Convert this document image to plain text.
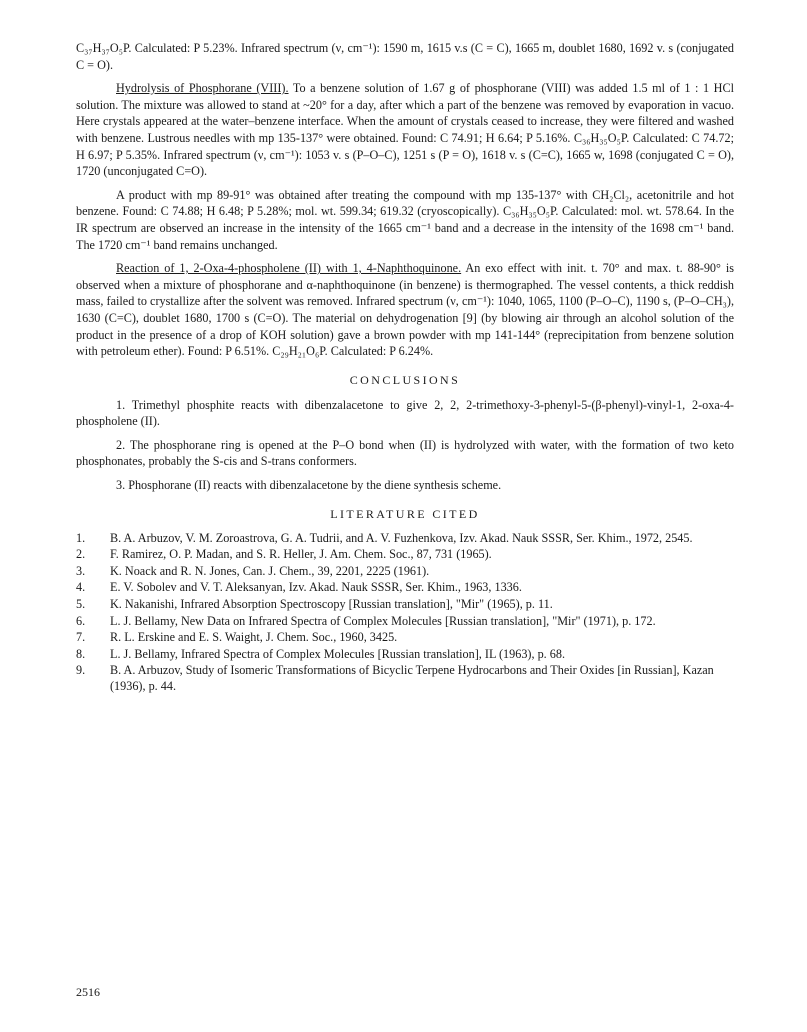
C₃₇H₃₇O₅P. Calculated: P 5.23%. Infrared spectrum (ν, cm⁻¹): 1590 m, 1615 v.s (C = C), 1665 m, doublet 1680, 1692 v. s (conjugated C = O).

Hydrolysis of Phosphorane (VIII). To a benzene solution of 1.67 g of phosphorane (VIII) was added 1.5 ml of 1 : 1 HCl solution. The mixture was allowed to stand at ~20° for a day, after which a part of the benzene was removed by evaporation in vacuo. Here crystals appeared at the water–benzene interface. When the amount of crystals ceased to increase, they were filtered and washed with benzene. Lustrous needles with mp 135-137° were obtained. Found: C 74.91; H 6.64; P 5.16%. C₃₆H₃₅O₅P. Calculated: C 74.72; H 6.97; P 5.35%. Infrared spectrum (ν, cm⁻¹): 1053 v. s (P–O–C), 1251 s (P = O), 1618 v. s (C=C), 1665 w, 1698 (conjugated C = O), 1720 (unconjugated C=O).

A product with mp 89-91° was obtained after treating the compound with mp 135-137° with CH₂Cl₂, acetonitrile and hot benzene. Found: C 74.88; H 6.48; P 5.28%; mol. wt. 599.34; 619.32 (cryoscopically). C₃₆H₃₅O₅P. Calculated: mol. wt. 578.64. In the IR spectrum are observed an increase in the intensity of the 1665 cm⁻¹ band and a decrease in the intensity of the 1698 cm⁻¹ band. The 1720 cm⁻¹ band remains unchanged.

Reaction of 1, 2-Oxa-4-phospholene (II) with 1, 4-Naphthoquinone. An exo effect with init. t. 70° and max. t. 88-90° is observed when a mixture of phosphorane and α-naphthoquinone (in benzene) is thermographed. The vessel contents, a thick reddish mass, failed to crystallize after the solvent was removed. Infrared spectrum (ν, cm⁻¹): 1040, 1065, 1100 (P–O–C), 1190 s, (P–O–CH₃), 1630 (C=C), doublet 1680, 1700 s (C=O). The material on dehydrogenation [9] (by blowing air through an alcohol solution of the product in the presence of a drop of KOH solution) gave a brown powder with mp 141-144° (reprecipitation from benzene solution with petroleum ether). Found: P 6.51%. C₂₉H₂₁O₆P. Calculated: P 6.24%.

CONCLUSIONS

1. Trimethyl phosphite reacts with dibenzalacetone to give 2, 2, 2-trimethoxy-3-phenyl-5-(β-phenyl)-vinyl-1, 2-oxa-4-phospholene (II).

2. The phosphorane ring is opened at the P–O bond when (II) is hydrolyzed with water, with the formation of two keto phosphonates, probably the S-cis and S-trans conformers.

3. Phosphorane (II) reacts with dibenzalacetone by the diene synthesis scheme.

LITERATURE CITED
1.	B. A. Arbuzov, V. M. Zoroastrova, G. A. Tudrii, and A. V. Fuzhenkova, Izv. Akad. Nauk SSSR, Ser. Khim., 1972, 2545.
2.	F. Ramirez, O. P. Madan, and S. R. Heller, J. Am. Chem. Soc., 87, 731 (1965).
3.	K. Noack and R. N. Jones, Can. J. Chem., 39, 2201, 2225 (1961).
4.	E. V. Sobolev and V. T. Aleksanyan, Izv. Akad. Nauk SSSR, Ser. Khim., 1963, 1336.
5.	K. Nakanishi, Infrared Absorption Spectroscopy [Russian translation], "Mir" (1965), p. 11.
6.	L. J. Bellamy, New Data on Infrared Spectra of Complex Molecules [Russian translation], "Mir" (1971), p. 172.
7.	R. L. Erskine and E. S. Waight, J. Chem. Soc., 1960, 3425.
8.	L. J. Bellamy, Infrared Spectra of Complex Molecules [Russian translation], IL (1963), p. 68.
9.	B. A. Arbuzov, Study of Isomeric Transformations of Bicyclic Terpene Hydrocarbons and Their Oxides [in Russian], Kazan (1936), p. 44.
2516
